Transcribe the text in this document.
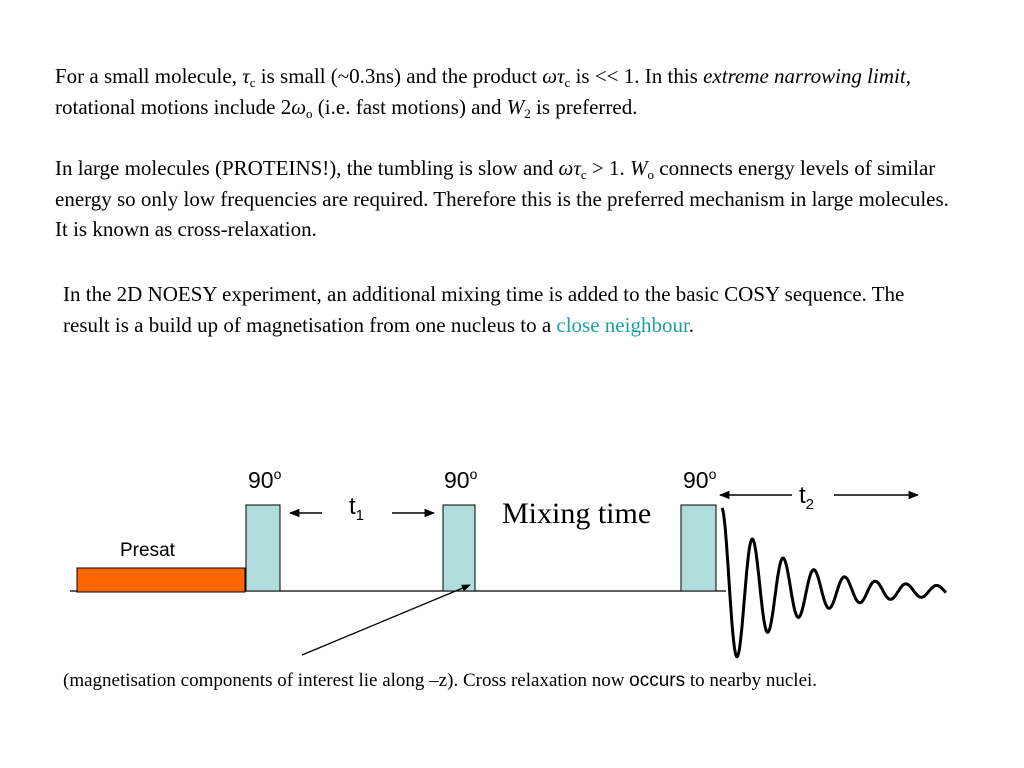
For a small molecule, $\tau_c$ is small (~0.3ns) and the product $\omega\tau_c$ is << 1. In this extreme narrowing limit, rotational motions include $2\omega_o$ (i.e. fast motions) and $W_2$ is preferred.

In large molecules (PROTEINS!), the tumbling is slow and $\omega\tau_c > 1$. $W_o$ connects energy levels of similar energy so only low frequencies are required. Therefore this is the preferred mechanism in large molecules. It is known as cross-relaxation.

In the 2D NOESY experiment, an additional mixing time is added to the basic COSY sequence. The result is a build up of magnetisation from one nucleus to a close neighbour.

Presat
90$^o$	90$^o$	90$^o$
$t_1$	Mixing time
$t_2$

(magnetisation components of interest lie along –z). Cross relaxation now occurs to nearby nuclei.
